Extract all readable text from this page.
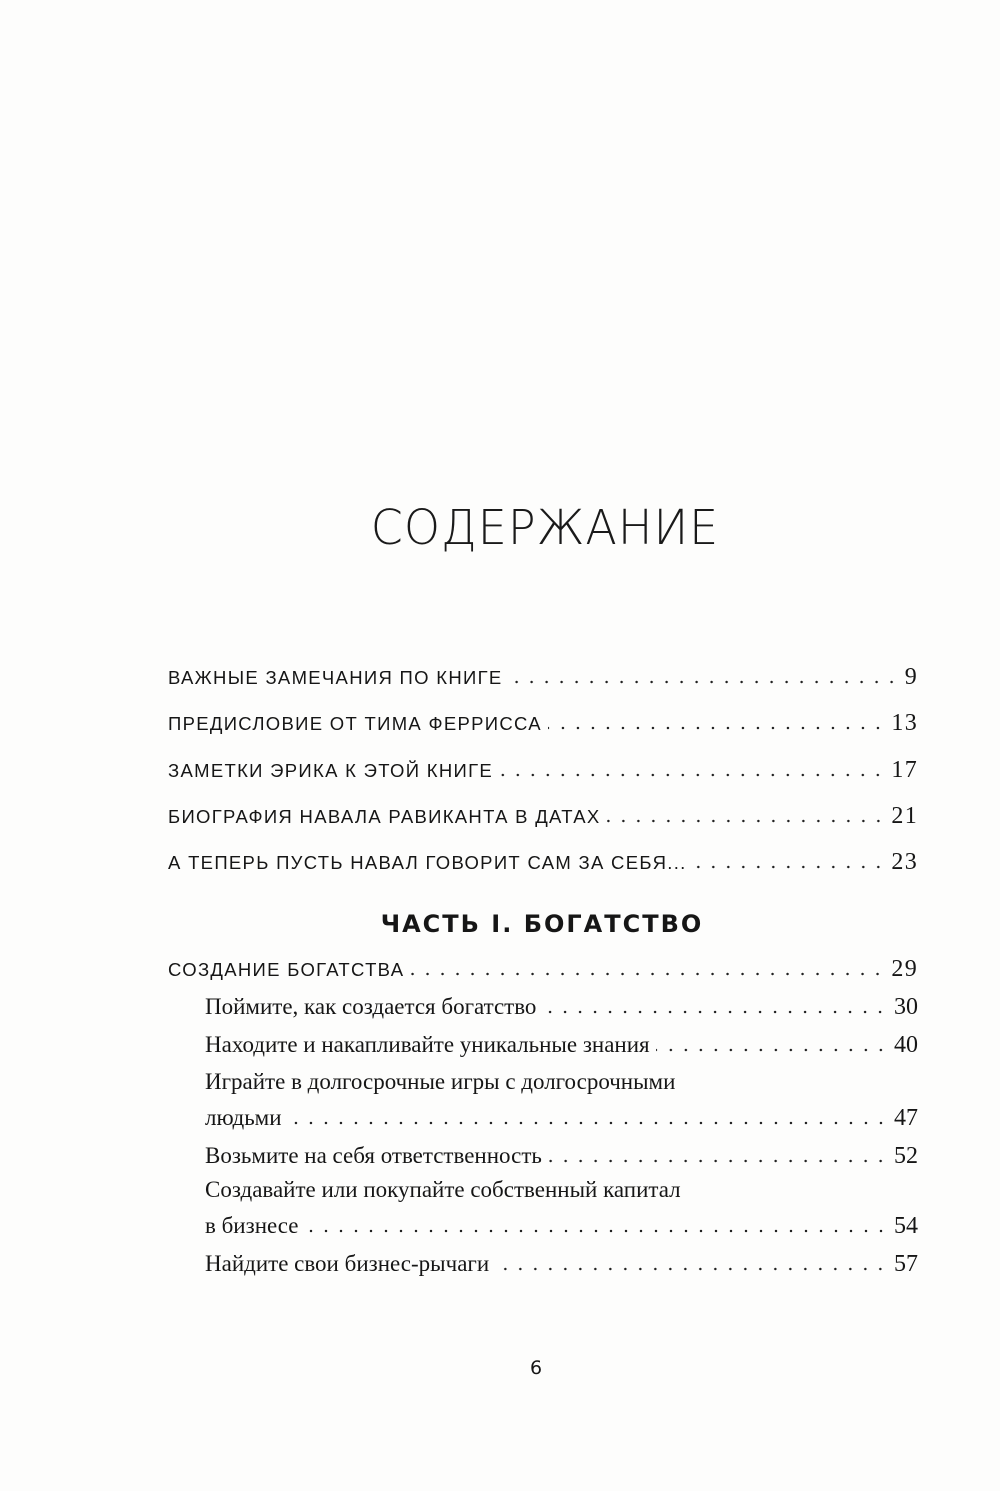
СОДЕРЖАНИЕ
ВАЖНЫЕ ЗАМЕЧАНИЯ ПО КНИГЕ	9
ПРЕДИСЛОВИЕ ОТ ТИМА ФЕРРИССА	13
ЗАМЕТКИ ЭРИКА К ЭТОЙ КНИГЕ	17
БИОГРАФИЯ НАВАЛА РАВИКАНТА В ДАТАХ	21
А ТЕПЕРЬ ПУСТЬ НАВАЛ ГОВОРИТ САМ ЗА СЕБЯ...	23
ЧАСТЬ I. БОГАТСТВО
СОЗДАНИЕ БОГАТСТВА	29
Поймите, как создается богатство	30
Находите и накапливайте уникальные знания	40
Играйте в долгосрочные игры с долгосрочными
людьми	47
Возьмите на себя ответственность	52
Создавайте или покупайте собственный капитал
в бизнесе	54
Найдите свои бизнес-рычаги	57
6
